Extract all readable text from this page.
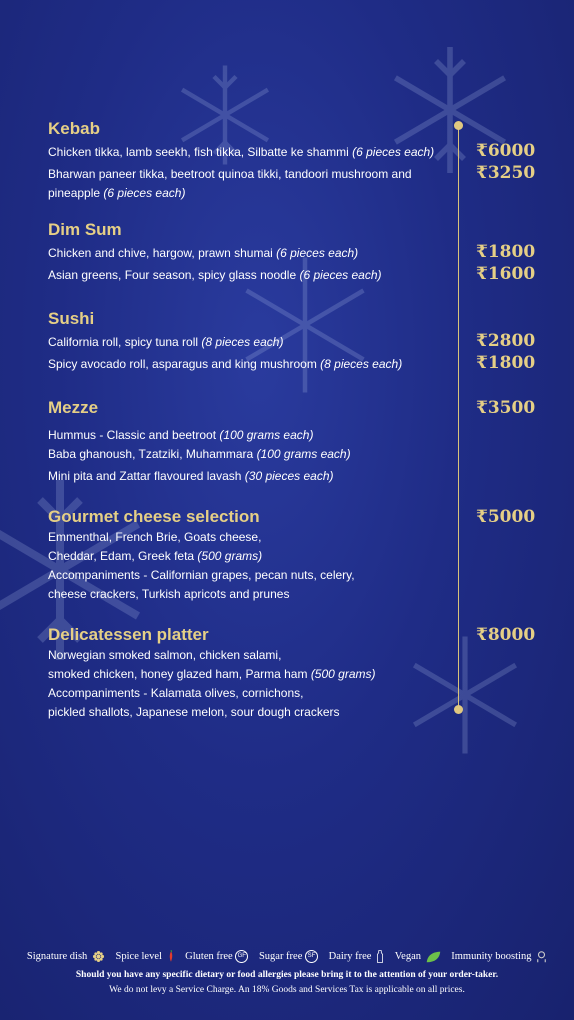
Kebab
Chicken tikka, lamb seekh, fish tikka, Silbatte ke shammi (6 pieces each)
Bharwan paneer tikka, beetroot quinoa tikki, tandoori mushroom and
pineapple (6 pieces each)
₹6000
₹3250
Dim Sum
Chicken and chive, hargow, prawn shumai (6 pieces each)
Asian greens, Four season, spicy glass noodle (6 pieces each)
₹1800
₹1600
Sushi
California roll, spicy tuna roll (8 pieces each)
Spicy avocado roll, asparagus and king mushroom (8 pieces each)
₹2800
₹1800
Mezze
Hummus - Classic and beetroot (100 grams each)
Baba ghanoush, Tzatziki, Muhammara (100 grams each)
Mini pita and Zattar flavoured lavash (30 pieces each)
₹3500
Gourmet cheese selection
Emmenthal, French Brie, Goats cheese,
Cheddar, Edam, Greek feta (500 grams)
Accompaniments - Californian grapes, pecan nuts, celery,
cheese crackers, Turkish apricots and prunes
₹5000
Delicatessen platter
Norwegian smoked salmon, chicken salami,
smoked chicken, honey glazed ham, Parma ham (500 grams)
Accompaniments - Kalamata olives, cornichons,
pickled shallots, Japanese melon, sour dough crackers
₹8000
Signature dish	Spice level Gluten free GF Sugar free SF Dairy free Vegan	Immunity boosting
Should you have any specific dietary or food allergies please bring it to the attention of your order-taker.
We do not levy a Service Charge. An 18% Goods and Services Tax is applicable on all prices.
